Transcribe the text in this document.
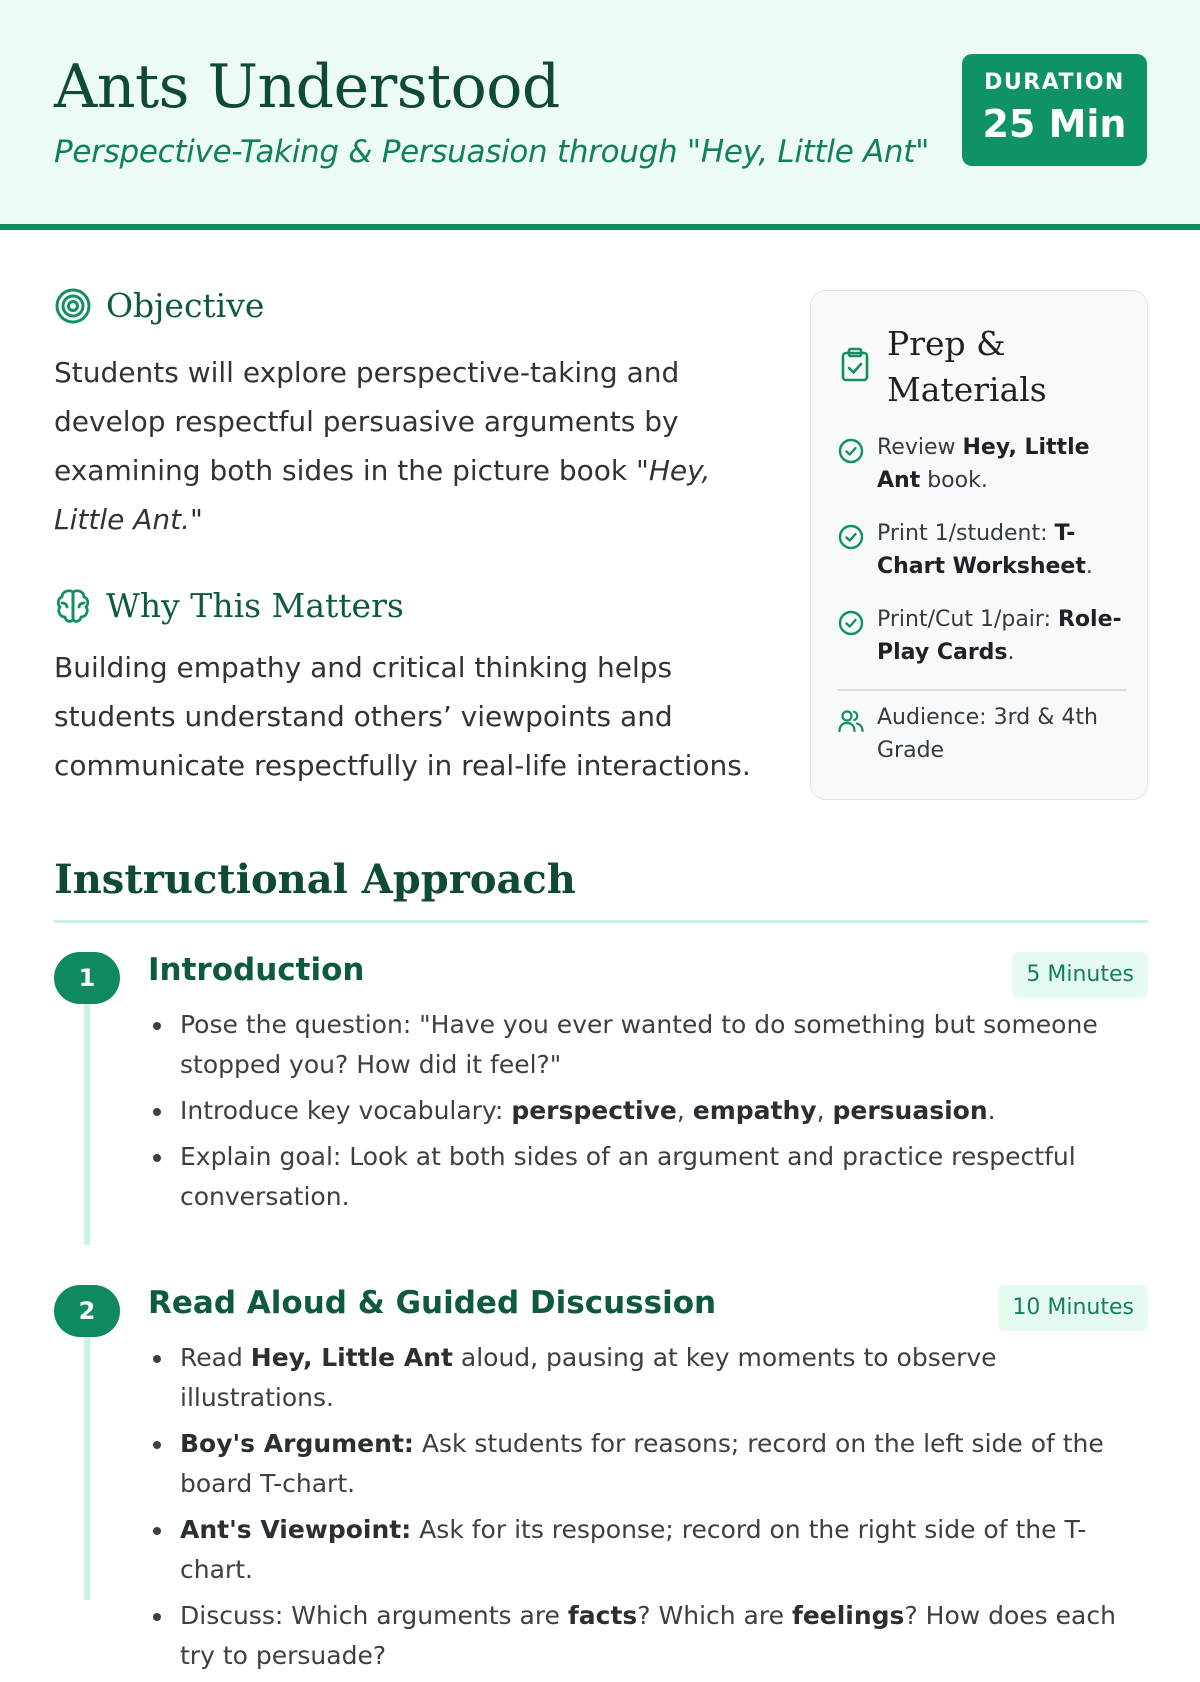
Ants Understood
Perspective-Taking & Persuasion through "Hey, Little Ant"
DURATION
25 Min
Objective

Students will explore perspective-taking and develop respectful persuasive arguments by examining both sides in the picture book "Hey, Little Ant."

Why This Matters

Building empathy and critical thinking helps students understand others’ viewpoints and communicate respectfully in real-life interactions.

Prep & Materials
Review Hey, Little Ant book.
Print 1/student: T-Chart Worksheet.
Print/Cut 1/pair: Role-Play Cards.
Audience: 3rd & 4th Grade
Instructional Approach
1	Introduction	5 Minutes
Pose the question: "Have you ever wanted to do something but someone stopped you? How did it feel?"
Introduce key vocabulary: perspective, empathy, persuasion.
Explain goal: Look at both sides of an argument and practice respectful conversation.
2	Read Aloud & Guided Discussion	10 Minutes
Read Hey, Little Ant aloud, pausing at key moments to observe illustrations.
Boy's Argument: Ask students for reasons; record on the left side of the board T-chart.
Ant's Viewpoint: Ask for its response; record on the right side of the T-chart.
Discuss: Which arguments are facts? Which are feelings? How does each try to persuade?
